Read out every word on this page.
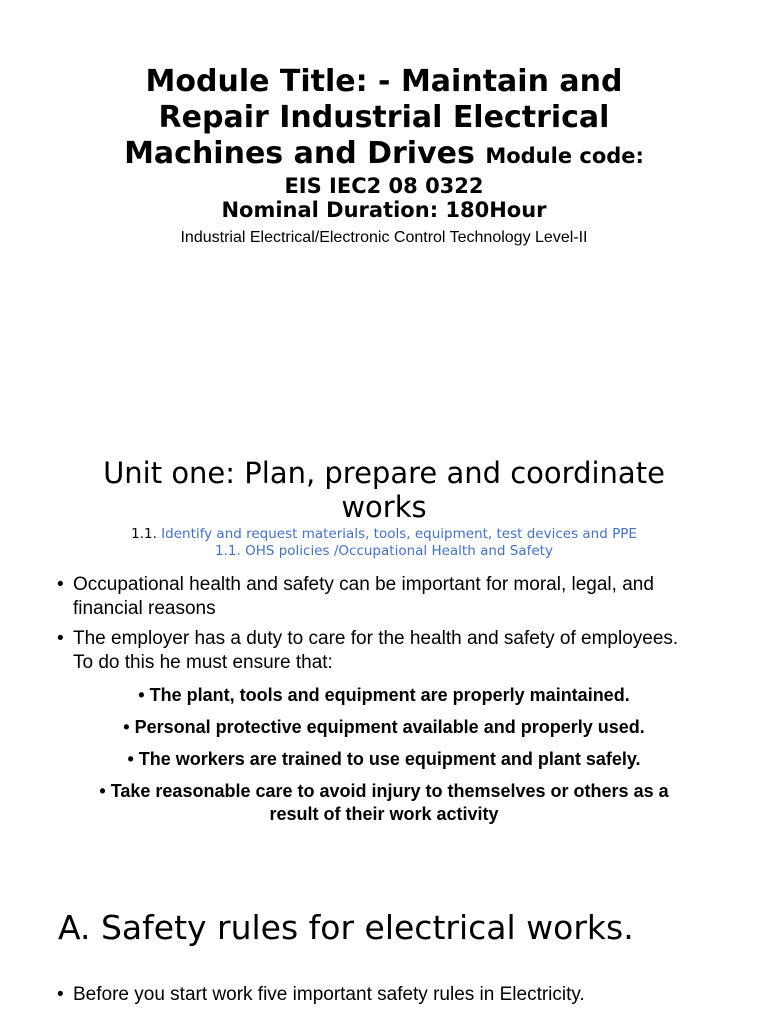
Module Title: - Maintain and
Repair Industrial Electrical
Machines and Drives Module code:
EIS IEC2 08 0322
Nominal Duration: 180Hour
Industrial Electrical/Electronic Control Technology Level-II
Unit one: Plan, prepare and coordinate
works
1.1. Identify and request materials, tools, equipment, test devices and PPE
1.1. OHS policies /Occupational Health and Safety
• Occupational health and safety can be important for moral, legal, and
financial reasons
• The employer has a duty to care for the health and safety of employees.
To do this he must ensure that:
• The plant, tools and equipment are properly maintained.
• Personal protective equipment available and properly used.
• The workers are trained to use equipment and plant safely.
• Take reasonable care to avoid injury to themselves or others as a
result of their work activity
A. Safety rules for electrical works.
• Before you start work five important safety rules in Electricity.
